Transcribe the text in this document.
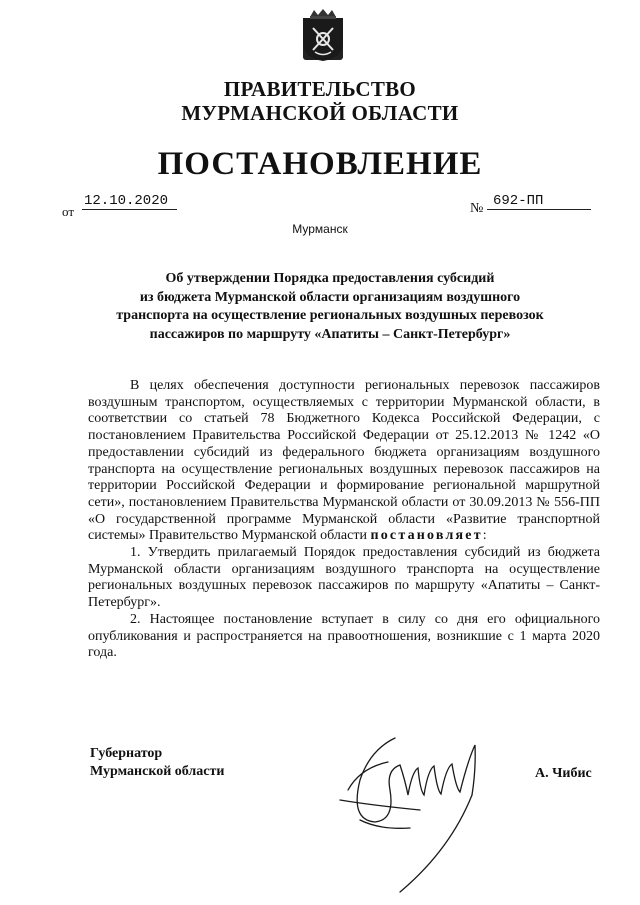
ПРАВИТЕЛЬСТВО
МУРМАНСКОЙ ОБЛАСТИ
ПОСТАНОВЛЕНИЕ
от
12.10.2020	№ 692-ПП
Мурманск
Об утверждении Порядка предоставления субсидий
из бюджета Мурманской области организациям воздушного
транспорта на осуществление региональных воздушных перевозок
пассажиров по маршруту «Апатиты – Санкт-Петербург»

В целях обеспечения доступности региональных перевозок пассажиров воздушным транспортом, осуществляемых с территории Мурманской области, в соответствии со статьей 78 Бюджетного Кодекса Российской Федерации, с постановлением Правительства Российской Федерации от 25.12.2013 № 1242 «О предоставлении субсидий из федерального бюджета организациям воздушного транспорта на осуществление региональных воздушных перевозок пассажиров на территории Российской Федерации и формирование региональной маршрутной сети», постановлением Правительства Мурманской области от 30.09.2013 № 556-ПП «О государственной программе Мурманской области «Развитие транспортной системы» Правительство Мурманской области постановляет:

1. Утвердить прилагаемый Порядок предоставления субсидий из бюджета Мурманской области организациям воздушного транспорта на осуществление региональных воздушных перевозок пассажиров по маршруту «Апатиты – Санкт-Петербург».

2. Настоящее постановление вступает в силу со дня его официального опубликования и распространяется на правоотношения, возникшие с 1 марта 2020 года.

Губернатор
Мурманской области	А. Чибис
